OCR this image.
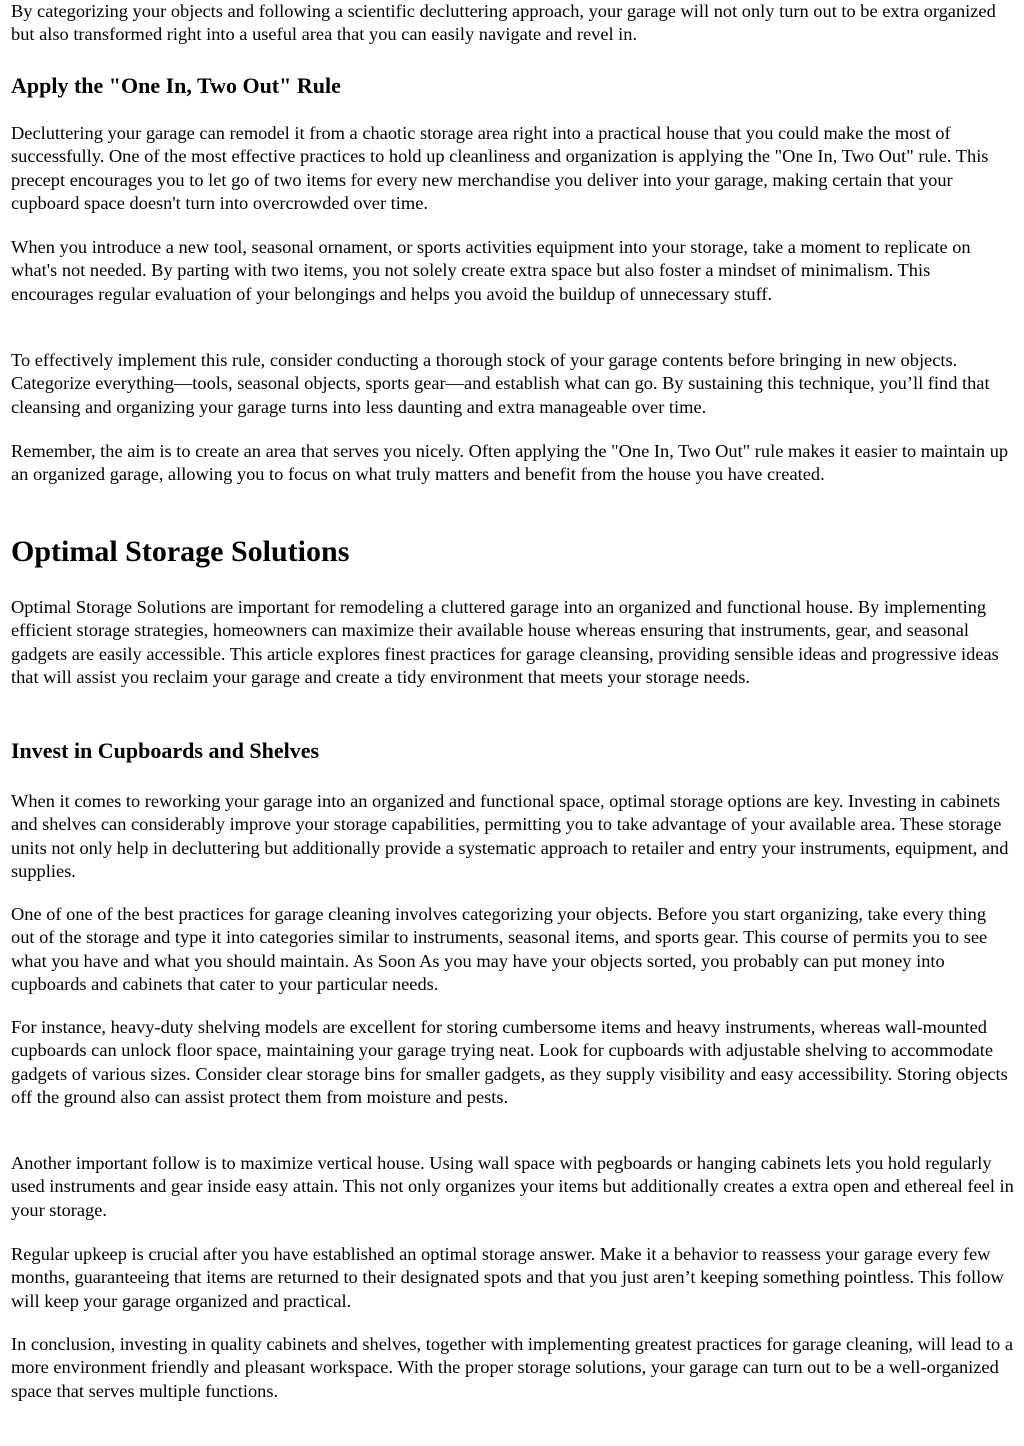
By categorizing your objects and following a scientific decluttering approach, your garage will not only turn out to be extra organized but also transformed right into a useful area that you can easily navigate and revel in.

Apply the "One In, Two Out" Rule

Decluttering your garage can remodel it from a chaotic storage area right into a practical house that you could make the most of successfully. One of the most effective practices to hold up cleanliness and organization is applying the "One In, Two Out" rule. This precept encourages you to let go of two items for every new merchandise you deliver into your garage, making certain that your cupboard space doesn't turn into overcrowded over time.

When you introduce a new tool, seasonal ornament, or sports activities equipment into your storage, take a moment to replicate on what's not needed. By parting with two items, you not solely create extra space but also foster a mindset of minimalism. This encourages regular evaluation of your belongings and helps you avoid the buildup of unnecessary stuff.

To effectively implement this rule, consider conducting a thorough stock of your garage contents before bringing in new objects. Categorize everything—tools, seasonal objects, sports gear—and establish what can go. By sustaining this technique, you’ll find that cleansing and organizing your garage turns into less daunting and extra manageable over time.

Remember, the aim is to create an area that serves you nicely. Often applying the "One In, Two Out" rule makes it easier to maintain up an organized garage, allowing you to focus on what truly matters and benefit from the house you have created.

Optimal Storage Solutions

Optimal Storage Solutions are important for remodeling a cluttered garage into an organized and functional house. By implementing efficient storage strategies, homeowners can maximize their available house whereas ensuring that instruments, gear, and seasonal gadgets are easily accessible. This article explores finest practices for garage cleansing, providing sensible ideas and progressive ideas that will assist you reclaim your garage and create a tidy environment that meets your storage needs.

Invest in Cupboards and Shelves

When it comes to reworking your garage into an organized and functional space, optimal storage options are key. Investing in cabinets and shelves can considerably improve your storage capabilities, permitting you to take advantage of your available area. These storage units not only help in decluttering but additionally provide a systematic approach to retailer and entry your instruments, equipment, and supplies.

One of one of the best practices for garage cleaning involves categorizing your objects. Before you start organizing, take every thing out of the storage and type it into categories similar to instruments, seasonal items, and sports gear. This course of permits you to see what you have and what you should maintain. As Soon As you may have your objects sorted, you probably can put money into cupboards and cabinets that cater to your particular needs.

For instance, heavy-duty shelving models are excellent for storing cumbersome items and heavy instruments, whereas wall-mounted cupboards can unlock floor space, maintaining your garage trying neat. Look for cupboards with adjustable shelving to accommodate gadgets of various sizes. Consider clear storage bins for smaller gadgets, as they supply visibility and easy accessibility. Storing objects off the ground also can assist protect them from moisture and pests.

Another important follow is to maximize vertical house. Using wall space with pegboards or hanging cabinets lets you hold regularly used instruments and gear inside easy attain. This not only organizes your items but additionally creates a extra open and ethereal feel in your storage.

Regular upkeep is crucial after you have established an optimal storage answer. Make it a behavior to reassess your garage every few months, guaranteeing that items are returned to their designated spots and that you just aren’t keeping something pointless. This follow will keep your garage organized and practical.

In conclusion, investing in quality cabinets and shelves, together with implementing greatest practices for garage cleaning, will lead to a more environment friendly and pleasant workspace. With the proper storage solutions, your garage can turn out to be a well-organized space that serves multiple functions.
